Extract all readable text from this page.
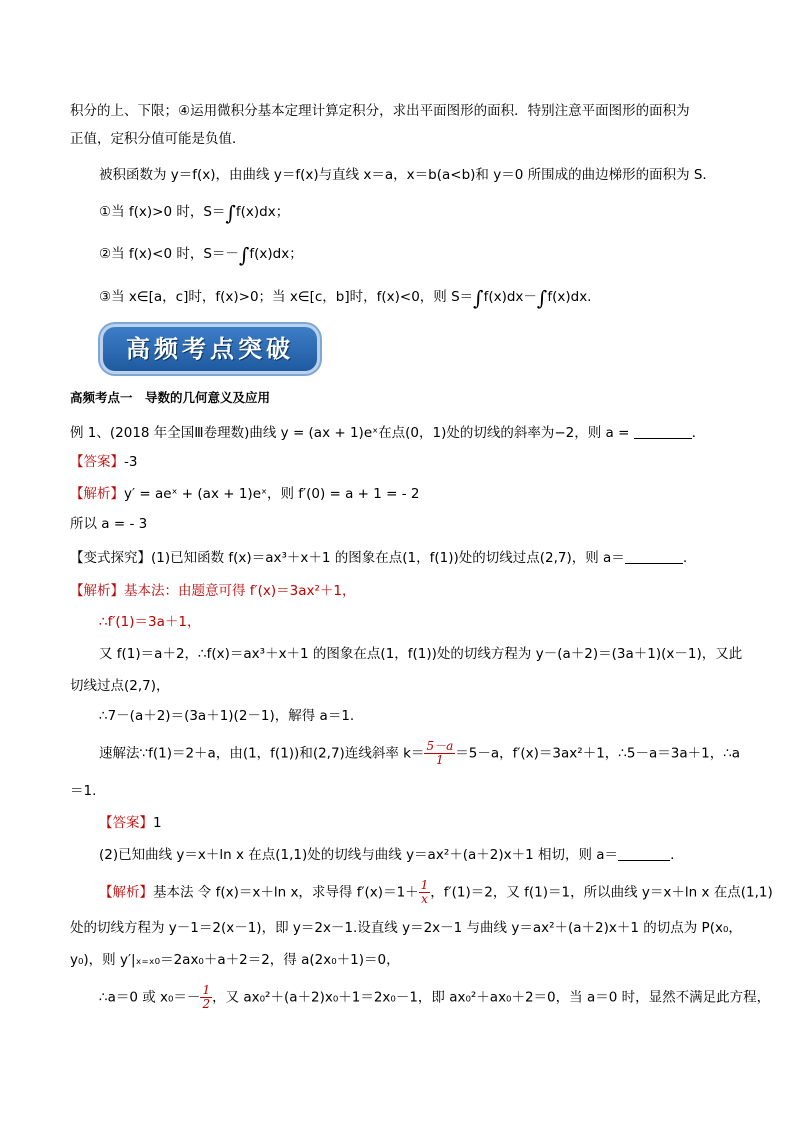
积分的上、下限；④运用微积分基本定理计算定积分，求出平面图形的面积．特别注意平面图形的面积为
正值，定积分值可能是负值．
被积函数为 y＝f(x)，由曲线 y＝f(x)与直线 x＝a，x＝b(a<b)和 y＝0 所围成的曲边梯形的面积为 S.
①当 f(x)>0 时，S＝∫f(x)dx；
②当 f(x)<0 时，S＝－∫f(x)dx；
③当 x∈[a，c]时，f(x)>0；当 x∈[c，b]时，f(x)<0，则 S＝∫f(x)dx－∫f(x)dx.
高频考点突破
高频考点一　导数的几何意义及应用
例 1、(2018 年全国Ⅲ卷理数)曲线 y = (ax + 1)eˣ在点(0，1)处的切线的斜率为−2，则 a =	．
【答案】-3
【解析】y′ = aeˣ + (ax + 1)eˣ，则 f′(0) = a + 1 = - 2
所以 a = - 3
【变式探究】(1)已知函数 f(x)＝ax³＋x＋1 的图象在点(1，f(1))处的切线过点(2,7)，则 a＝	.
【解析】基本法：由题意可得 f′(x)＝3ax²＋1，
∴f′(1)＝3a＋1，
又 f(1)＝a＋2，∴f(x)＝ax³＋x＋1 的图象在点(1，f(1))处的切线方程为 y－(a＋2)＝(3a＋1)(x－1)，又此
切线过点(2,7)，
∴7－(a＋2)＝(3a＋1)(2－1)，解得 a＝1.
速解法∵f(1)＝2＋a，由(1，f(1))和(2,7)连线斜率 $k= \frac{5-a}{1} =5-a$，f′(x)＝3ax²＋1，∴5－a＝3a＋1，∴a
＝1.
【答案】1
(2)已知曲线 y＝x＋ln x 在点(1,1)处的切线与曲线 y＝ax²＋(a＋2)x＋1 相切，则 a＝	.
【解析】基本法 令 f(x)＝x＋ln x，求导得 $f'(x)=1+ \frac{1}{x}$ ，f′(1)＝2，又 f(1)＝1，所以曲线 y＝x＋ln x 在点(1,1)
处的切线方程为 y－1＝2(x－1)，即 y＝2x－1.设直线 y＝2x－1 与曲线 y＝ax²＋(a＋2)x＋1 的切点为 P(x₀，
y₀)，则 y′|ₓ₌ₓ₀＝2ax₀＋a＋2＝2，得 a(2x₀＋1)＝0，
∴a＝0 或 $x_0=- \frac{1}{2}$ ，又 ax₀²＋(a＋2)x₀＋1＝2x₀－1，即 ax₀²＋ax₀＋2＝0，当 a＝0 时，显然不满足此方程，
